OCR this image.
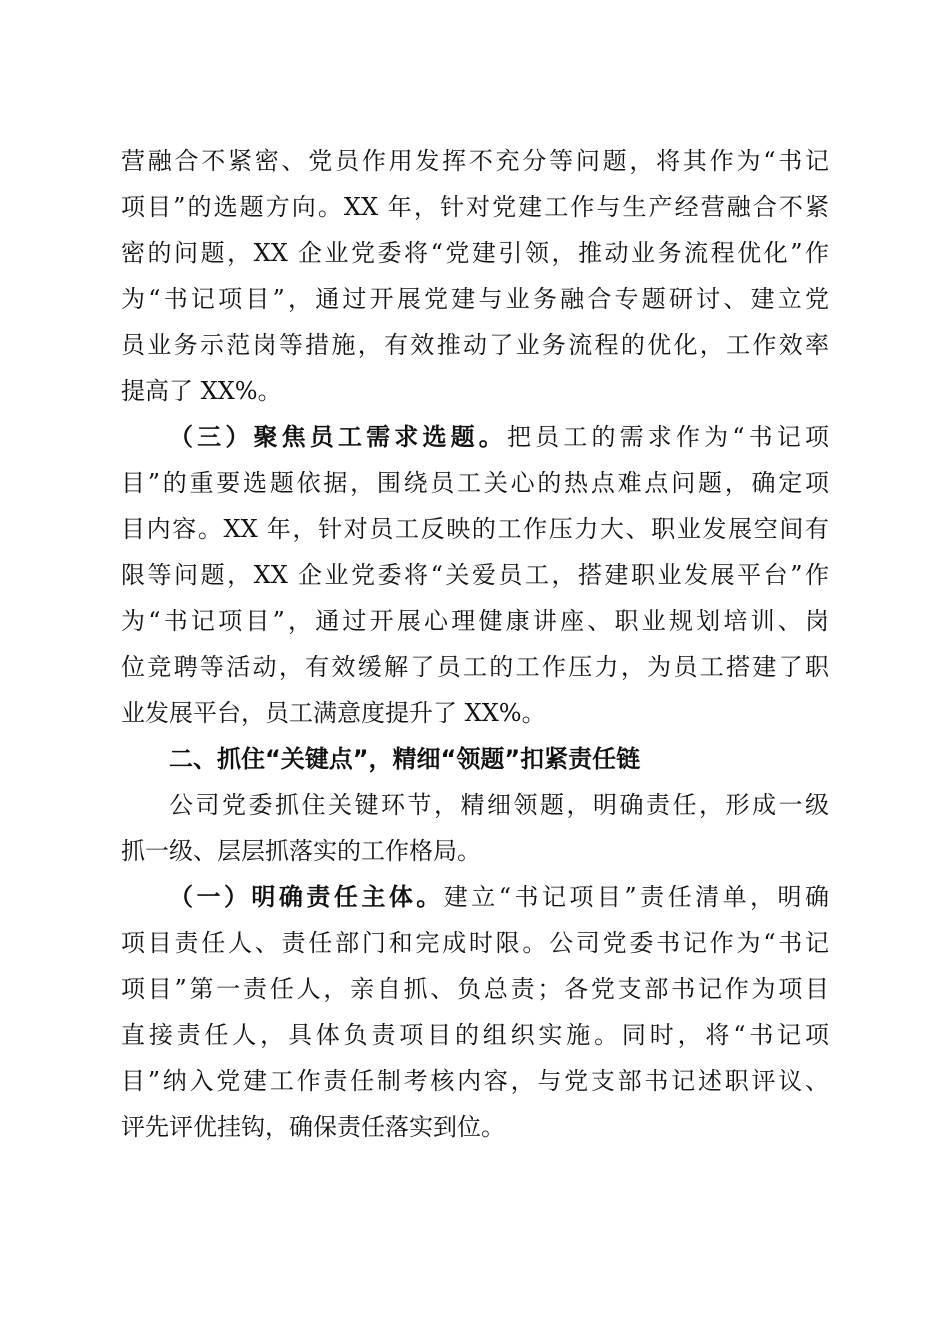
营融合不紧密、党员作用发挥不充分等问题，将其作为“书记
项目”的选题方向。XX 年，针对党建工作与生产经营融合不紧
密的问题，XX 企业党委将“党建引领，推动业务流程优化”作
为“书记项目”，通过开展党建与业务融合专题研讨、建立党
员业务示范岗等措施，有效推动了业务流程的优化，工作效率
提高了 XX%。
（三）聚焦员工需求选题。把员工的需求作为“书记项
目”的重要选题依据，围绕员工关心的热点难点问题，确定项
目内容。XX 年，针对员工反映的工作压力大、职业发展空间有
限等问题，XX 企业党委将“关爱员工，搭建职业发展平台”作
为“书记项目”，通过开展心理健康讲座、职业规划培训、岗
位竞聘等活动，有效缓解了员工的工作压力，为员工搭建了职
业发展平台，员工满意度提升了 XX%。
二、抓住“关键点”，精细“领题”扣紧责任链
公司党委抓住关键环节，精细领题，明确责任，形成一级
抓一级、层层抓落实的工作格局。
（一）明确责任主体。建立“书记项目”责任清单，明确
项目责任人、责任部门和完成时限。公司党委书记作为“书记
项目”第一责任人，亲自抓、负总责；各党支部书记作为项目
直接责任人，具体负责项目的组织实施。同时，将“书记项
目”纳入党建工作责任制考核内容，与党支部书记述职评议、
评先评优挂钩，确保责任落实到位。
